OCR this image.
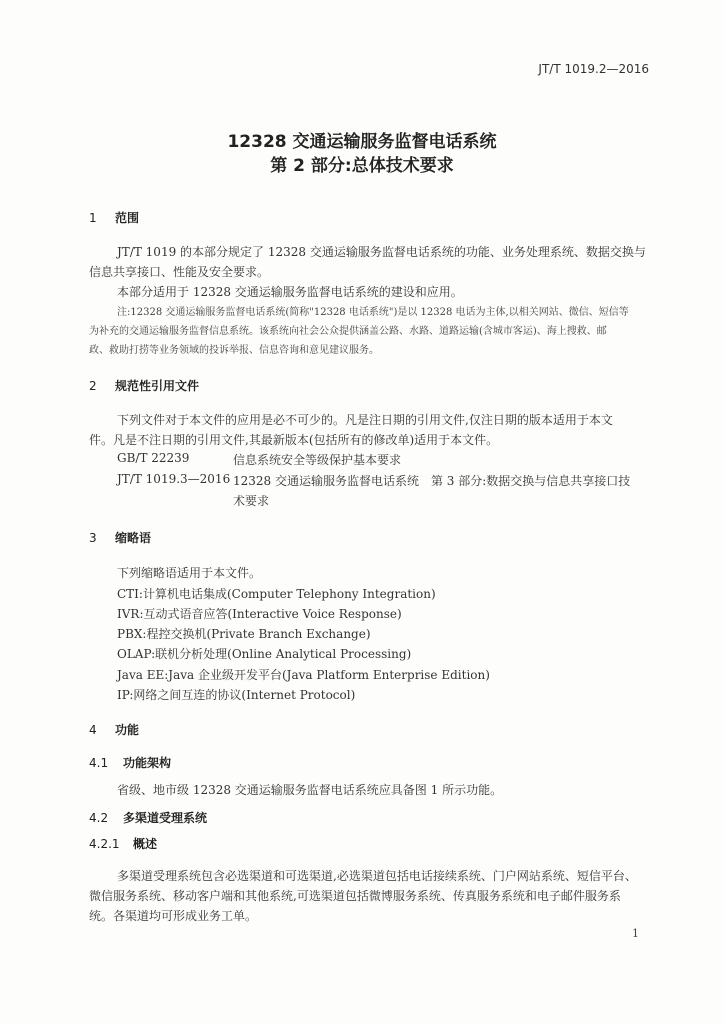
JT/T 1019.2—2016
12328 交通运输服务监督电话系统
第 2 部分:总体技术要求
1 范围
JT/T 1019 的本部分规定了 12328 交通运输服务监督电话系统的功能、业务处理系统、数据交换与
信息共享接口、性能及安全要求。
本部分适用于 12328 交通运输服务监督电话系统的建设和应用。
注:12328 交通运输服务监督电话系统(简称"12328 电话系统")是以 12328 电话为主体,以相关网站、微信、短信等
为补充的交通运输服务监督信息系统。该系统向社会公众提供涵盖公路、水路、道路运输(含城市客运)、海上搜救、邮
政、救助打捞等业务领域的投诉举报、信息咨询和意见建议服务。
2 规范性引用文件
下列文件对于本文件的应用是必不可少的。凡是注日期的引用文件,仅注日期的版本适用于本文
件。凡是不注日期的引用文件,其最新版本(包括所有的修改单)适用于本文件。
GB/T 22239	信息系统安全等级保护基本要求
JT/T 1019.3—2016 12328 交通运输服务监督电话系统　第 3 部分:数据交换与信息共享接口技
术要求
3 缩略语
下列缩略语适用于本文件。
CTI:计算机电话集成(Computer Telephony Integration)
IVR:互动式语音应答(Interactive Voice Response)
PBX:程控交换机(Private Branch Exchange)
OLAP:联机分析处理(Online Analytical Processing)
Java EE:Java 企业级开发平台(Java Platform Enterprise Edition)
IP:网络之间互连的协议(Internet Protocol)
4 功能
4.1 功能架构
省级、地市级 12328 交通运输服务监督电话系统应具备图 1 所示功能。
4.2 多渠道受理系统
4.2.1 概述
多渠道受理系统包含必选渠道和可选渠道,必选渠道包括电话接续系统、门户网站系统、短信平台、
微信服务系统、移动客户端和其他系统,可选渠道包括微博服务系统、传真服务系统和电子邮件服务系
统。各渠道均可形成业务工单。
1
